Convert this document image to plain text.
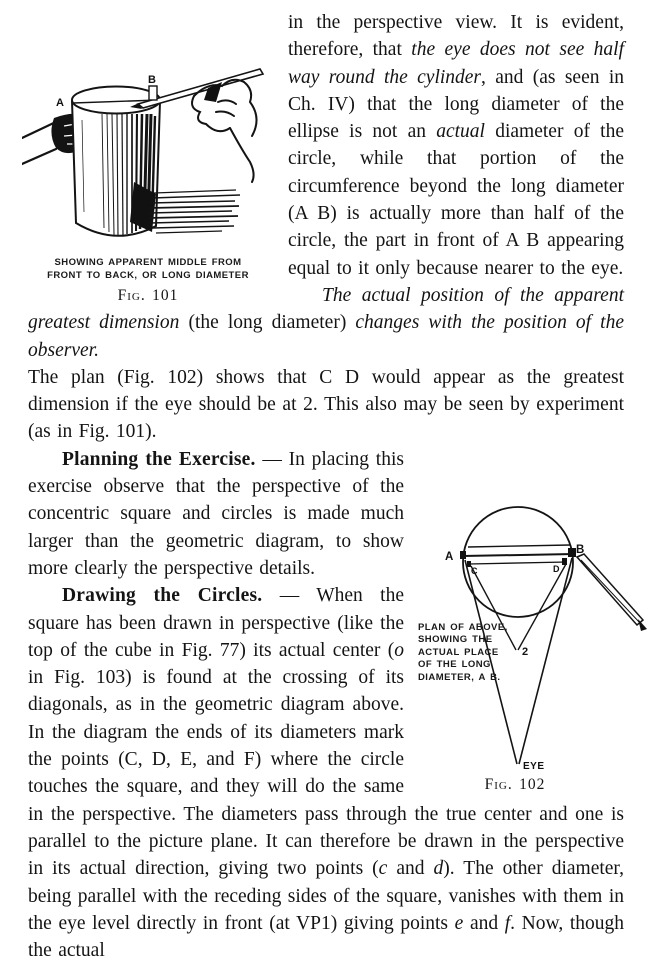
A
B
SHOWING APPARENT MIDDLE FROM FRONT TO BACK, OR LONG DIAMETER
Fig. 101
in the perspective view. It is evident, therefore, that the eye does not see half way round the cylinder, and (as seen in Ch. IV) that the long diameter of the ellipse is not an actual diameter of the circle, while that portion of the circumference beyond the long diameter (A B) is actually more than half of the circle, the part in front of A B appearing equal to it only because nearer to the eye.

The actual position of the apparent greatest dimension (the long diameter) changes with the position of the observer.

The plan (Fig. 102) shows that C D would appear as the greatest dimension if the eye should be at 2. This also may be seen by experiment (as in Fig. 101).

A
B
C	D
2
EYE
PLAN OF ABOVE, SHOWING THE ACTUAL PLACE OF THE LONG DIAMETER, A B.
Fig. 102
Planning the Exercise. — In placing this exercise observe that the perspective of the concentric square and circles is made much larger than the geometric diagram, to show more clearly the perspective details.

Drawing the Circles. — When the square has been drawn in perspective (like the top of the cube in Fig. 77) its actual center (o in Fig. 103) is found at the crossing of its diagonals, as in the geometric diagram above. In the diagram the ends of its diameters mark the points (C, D, E, and F) where the circle touches the square, and they will do the same in the perspective. The diameters pass through the true center and one is parallel to the picture plane. It can therefore be drawn in the perspective in its actual direction, giving two points (c and d). The other diameter, being parallel with the receding sides of the square, vanishes with them in the eye level directly in front (at VP1) giving points e and f. Now, though the actual
